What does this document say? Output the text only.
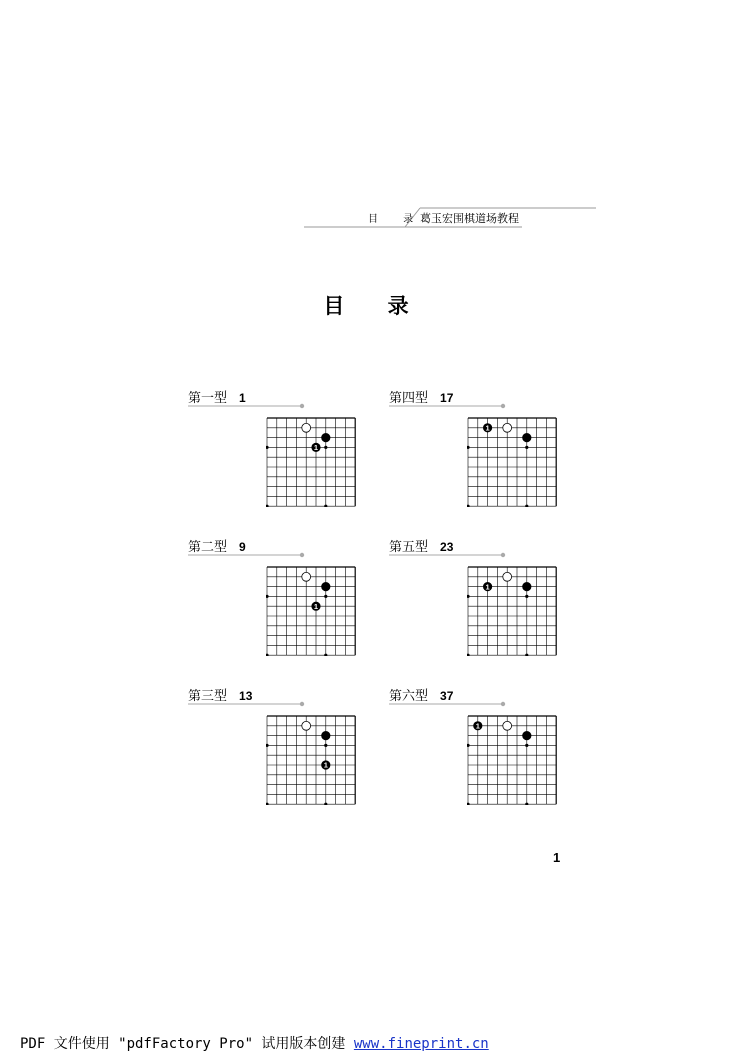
目 录
葛玉宏围棋道场教程
目 录
第一型 1
1
第四型 17
1
第二型 9
1
第五型 23
1
第三型 13
1
第六型 37
1
1
PDF 文件使用 "pdfFactory Pro" 试用版本创建 www.fineprint.cn
